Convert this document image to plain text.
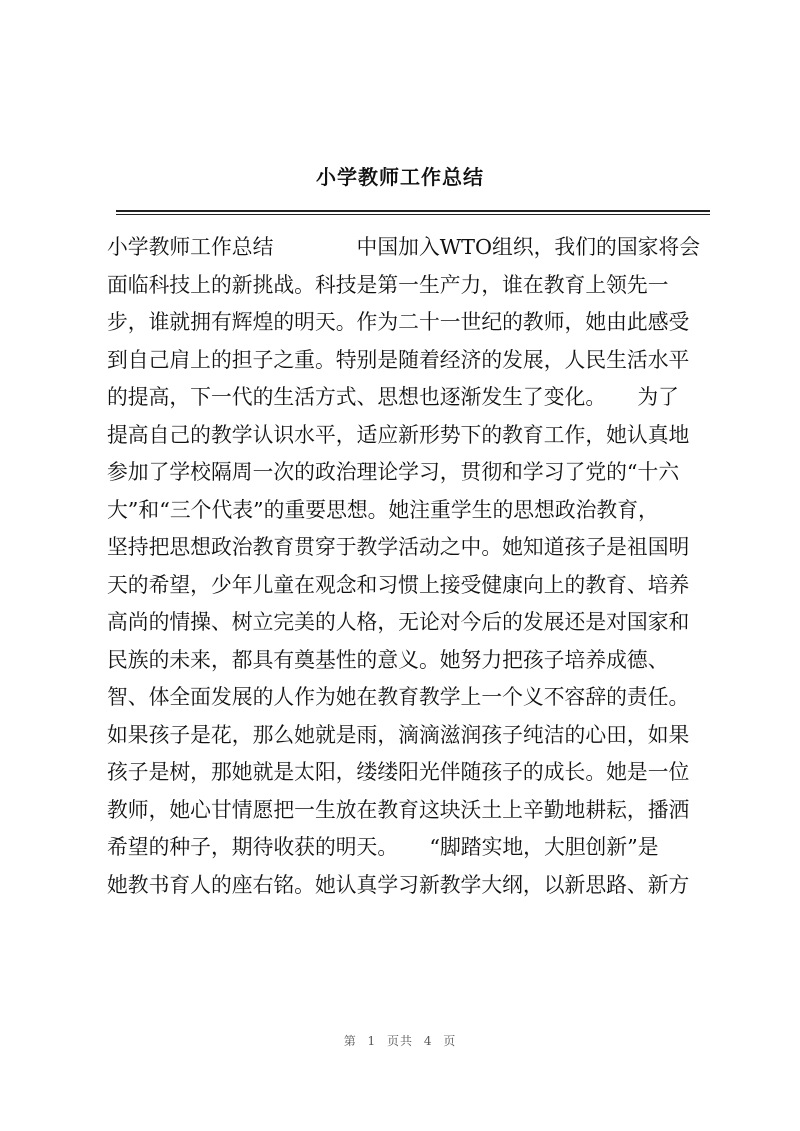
小学教师工作总结
小学教师工作总结　　　　中国加入WTO组织，我们的国家将会
面临科技上的新挑战。科技是第一生产力，谁在教育上领先一
步，谁就拥有辉煌的明天。作为二十一世纪的教师，她由此感受
到自己肩上的担子之重。特别是随着经济的发展，人民生活水平
的提高，下一代的生活方式、思想也逐渐发生了变化。　　为了
提高自己的教学认识水平，适应新形势下的教育工作，她认真地
参加了学校隔周一次的政治理论学习，贯彻和学习了党的“十六
大”和“三个代表”的重要思想。她注重学生的思想政治教育，
坚持把思想政治教育贯穿于教学活动之中。她知道孩子是祖国明
天的希望，少年儿童在观念和习惯上接受健康向上的教育、培养
高尚的情操、树立完美的人格，无论对今后的发展还是对国家和
民族的未来，都具有奠基性的意义。她努力把孩子培养成德、
智、体全面发展的人作为她在教育教学上一个义不容辞的责任。
如果孩子是花，那么她就是雨，滴滴滋润孩子纯洁的心田，如果
孩子是树，那她就是太阳，缕缕阳光伴随孩子的成长。她是一位
教师，她心甘情愿把一生放在教育这块沃土上辛勤地耕耘，播洒
希望的种子，期待收获的明天。　　“脚踏实地，大胆创新”是
她教书育人的座右铭。她认真学习新教学大纲，以新思路、新方
第 1 页共 4 页
